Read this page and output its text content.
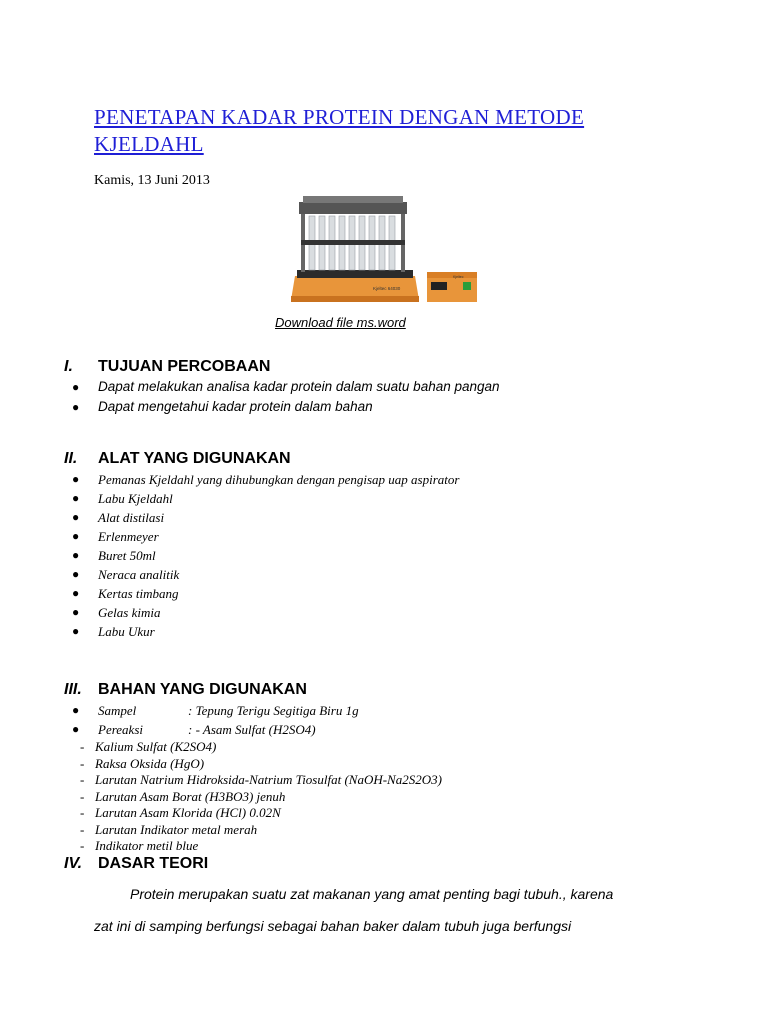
PENETAPAN KADAR PROTEIN DENGAN METODE KJELDAHL
Kamis, 13 Juni 2013
Kjeltec 64030
Kjeltec
Download file ms.word
I. TUJUAN PERCOBAAN
● Dapat melakukan analisa kadar protein dalam suatu bahan pangan
● Dapat mengetahui kadar protein dalam bahan
II. ALAT YANG DIGUNAKAN
● Pemanas Kjeldahl yang dihubungkan dengan pengisap uap aspirator
● Labu Kjeldahl
● Alat distilasi
● Erlenmeyer
● Buret 50ml
● Neraca analitik
● Kertas timbang
● Gelas kimia
● Labu Ukur
III. BAHAN YANG DIGUNAKAN
● Sampel	: Tepung Terigu Segitiga Biru 1g
● Pereaksi	: - Asam Sulfat (H2SO4)
- Kalium Sulfat (K2SO4)
- Raksa Oksida (HgO)
- Larutan Natrium Hidroksida-Natrium Tiosulfat (NaOH-Na2S2O3)
- Larutan Asam Borat (H3BO3) jenuh
- Larutan Asam Klorida (HCl) 0.02N
- Larutan Indikator metal merah
- Indikator metil blue
IV. DASAR TEORI
Protein merupakan suatu zat makanan yang amat penting bagi tubuh., karena
zat ini di samping berfungsi sebagai bahan baker dalam tubuh juga berfungsi
